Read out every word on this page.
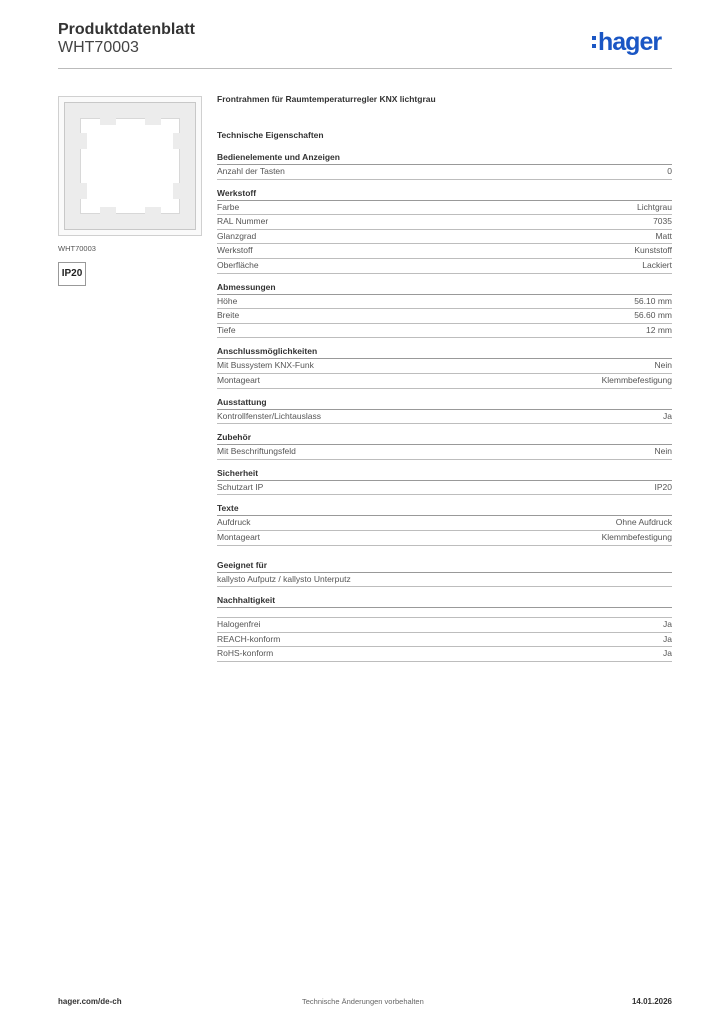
Produktdatenblatt
WHT70003	hager
WHT70003
IP20
Frontrahmen für Raumtemperaturregler KNX lichtgrau
Technische Eigenschaften
Bedienelemente und Anzeigen
Anzahl der Tasten	0
Werkstoff
Farbe	Lichtgrau
RAL Nummer	7035
Glanzgrad	Matt
Werkstoff	Kunststoff
Oberfläche	Lackiert
Abmessungen
Höhe	56.10 mm
Breite	56.60 mm
Tiefe	12 mm
Anschlussmöglichkeiten
Mit Bussystem KNX-Funk	Nein
Montageart	Klemmbefestigung
Ausstattung
Kontrollfenster/Lichtauslass	Ja
Zubehör
Mit Beschriftungsfeld	Nein
Sicherheit
Schutzart IP	IP20
Texte
Aufdruck	Ohne Aufdruck
Montageart	Klemmbefestigung
Geeignet für
kallysto Aufputz / kallysto Unterputz
Nachhaltigkeit
Halogenfrei	Ja
REACH-konform	Ja
RoHS-konform	Ja
hager.com/de-ch	Technische Änderungen vorbehalten	14.01.2026
